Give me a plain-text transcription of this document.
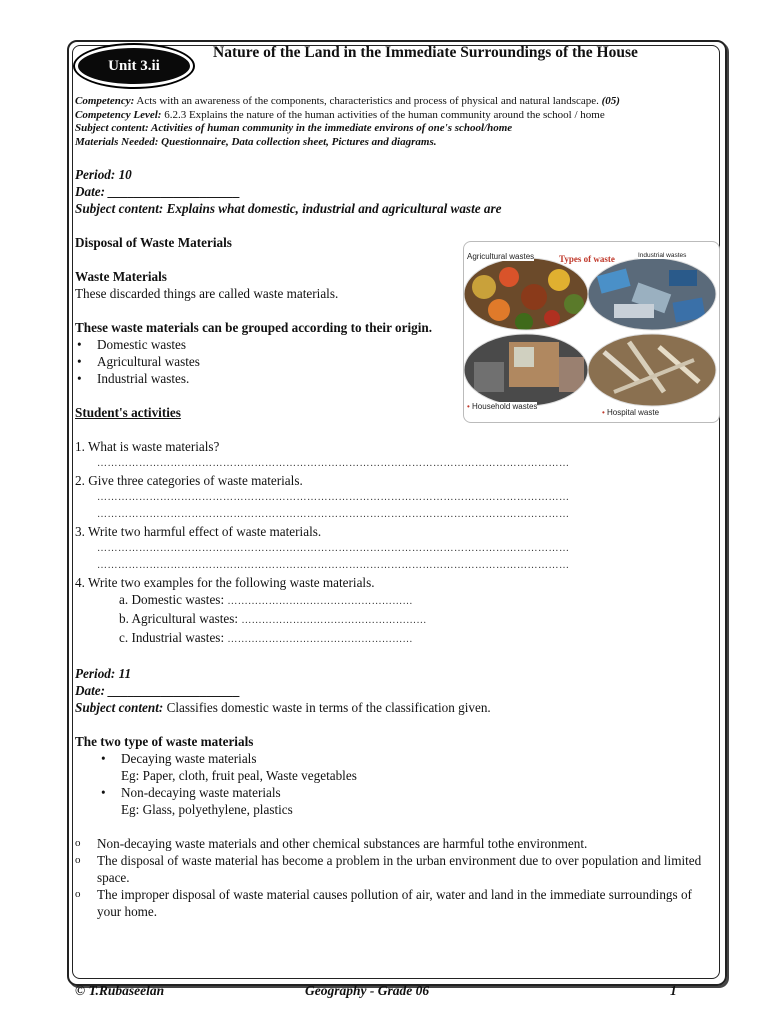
Unit 3.ii
Nature of the Land in the Immediate Surroundings of the House
Competency: Acts with an awareness of the components, characteristics and process of physical and natural landscape. (05)
Competency Level: 6.2.3 Explains the nature of the human activities of the human community around the school / home
Subject content: Activities of human community in the immediate environs of one's school/home
Materials Needed: Questionnaire, Data collection sheet, Pictures and diagrams.
Period: 10
Date: ____________________
Subject content: Explains what domestic, industrial and agricultural waste are
Disposal of Waste Materials
Waste Materials
These discarded things are called waste materials.
These waste materials can be grouped according to their origin.
• Domestic wastes
• Agricultural wastes
• Industrial wastes.
Student's activities
1. What is waste materials?
………………………………………………………………………………………………………………………
2. Give three categories of waste materials.
………………………………………………………………………………………………………………………
………………………………………………………………………………………………………………………
3. Write two harmful effect of waste materials.
………………………………………………………………………………………………………………………
………………………………………………………………………………………………………………………
4. Write two examples for the following waste materials.
a. Domestic wastes: ………………………………………………
b. Agricultural wastes: ………………………………………………
c. Industrial wastes: ………………………………………………
Period: 11
Date: ____________________
Subject content: Classifies domestic waste in terms of the classification given.
The two type of waste materials
• Decaying waste materials
Eg: Paper, cloth, fruit peal, Waste vegetables
• Non-decaying waste materials
Eg: Glass, polyethylene, plastics
o Non-decaying waste materials and other chemical substances are harmful tothe environment.
o The disposal of waste material has become a problem in the urban environment due to over population and limited space.
o The improper disposal of waste material causes pollution of air, water and land in the immediate surroundings of your home.
Agricultural wastes	Types of waste	Industrial wastes
• Household wastes
• Hospital waste
© T.Rubaseelan	Geography - Grade 06	1
